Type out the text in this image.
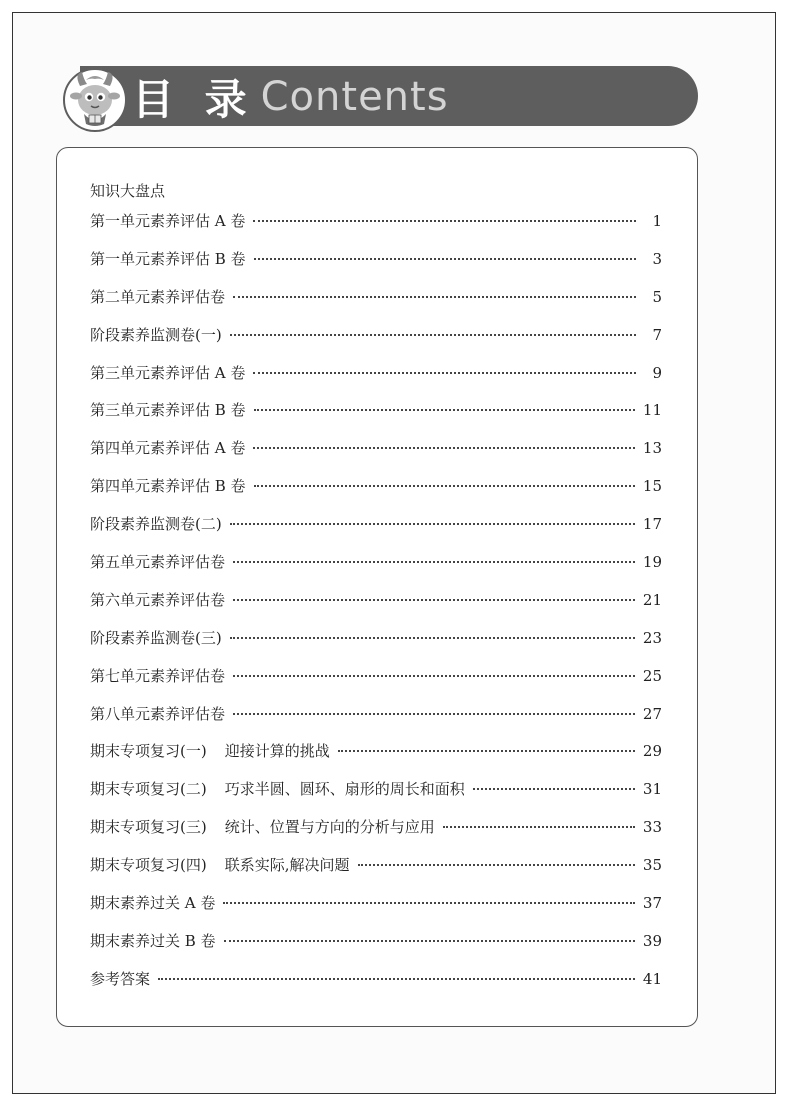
目 录 Contents
知识大盘点
第一单元素养评估 A 卷	1
第一单元素养评估 B 卷	3
第二单元素养评估卷	5
阶段素养监测卷(一)	7
第三单元素养评估 A 卷	9
第三单元素养评估 B 卷	11
第四单元素养评估 A 卷	13
第四单元素养评估 B 卷	15
阶段素养监测卷(二)	17
第五单元素养评估卷	19
第六单元素养评估卷	21
阶段素养监测卷(三)	23
第七单元素养评估卷	25
第八单元素养评估卷	27
期末专项复习(一) 迎接计算的挑战	29
期末专项复习(二) 巧求半圆、圆环、扇形的周长和面积	31
期末专项复习(三) 统计、位置与方向的分析与应用	33
期末专项复习(四) 联系实际,解决问题	35
期末素养过关 A 卷	37
期末素养过关 B 卷	39
参考答案	41
